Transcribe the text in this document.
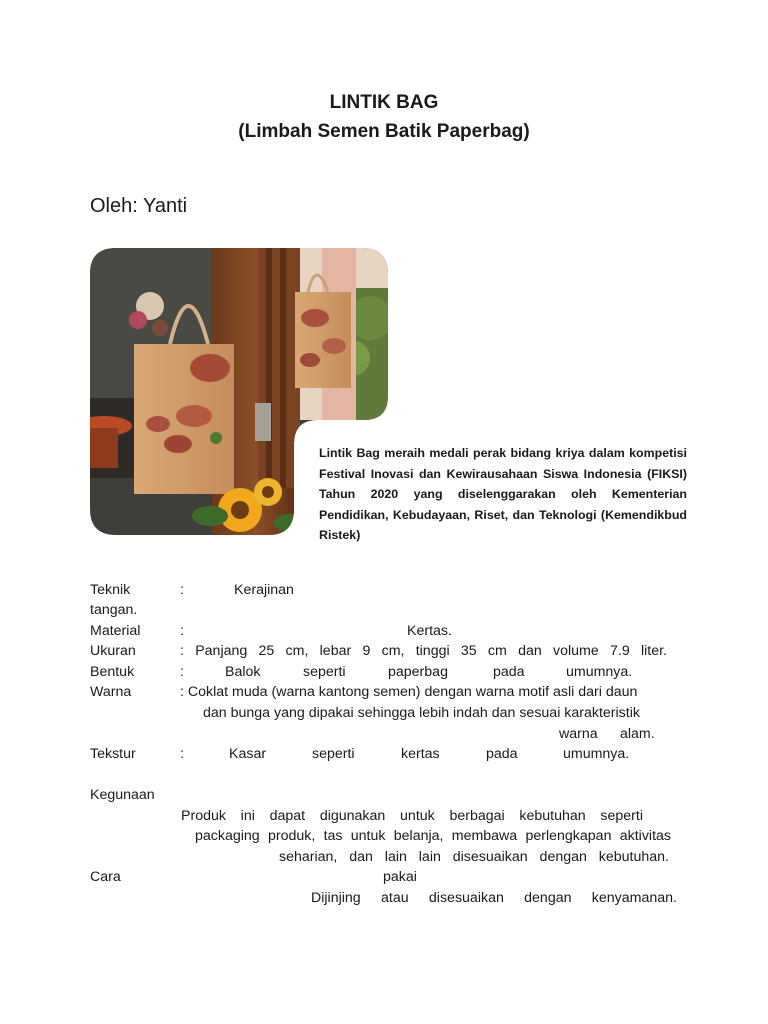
LINTIK BAG
(Limbah Semen Batik Paperbag)
Oleh: Yanti
Lintik Bag meraih medali perak bidang kriya dalam kompetisi Festival Inovasi dan Kewirausahaan Siswa Indonesia (FIKSI) Tahun 2020 yang diselenggarakan oleh Kementerian Pendidikan, Kebudayaan, Riset, dan Teknologi (Kemendikbud Ristek)
Teknik	:	Kerajinan
tangan.
Material	:	Kertas.
Ukuran	: Panjang 25 cm, lebar 9 cm, tinggi 35 cm dan volume 7.9 liter.
Bentuk	:	Balok	seperti	paperbag	pada	umumnya.
Warna	: Coklat muda (warna kantong semen) dengan warna motif asli dari daun
dan bunga yang dipakai sehingga lebih indah dan sesuai karakteristik
warna alam.
Tekstur	:	Kasar	seperti	kertas	pada	umumnya.
Kegunaan
Produk ini dapat digunakan untuk berbagai kebutuhan seperti
packaging produk, tas untuk belanja, membawa perlengkapan aktivitas
seharian, dan lain lain disesuaikan dengan kebutuhan.
Cara	pakai
Dijinjing atau disesuaikan dengan kenyamanan.
